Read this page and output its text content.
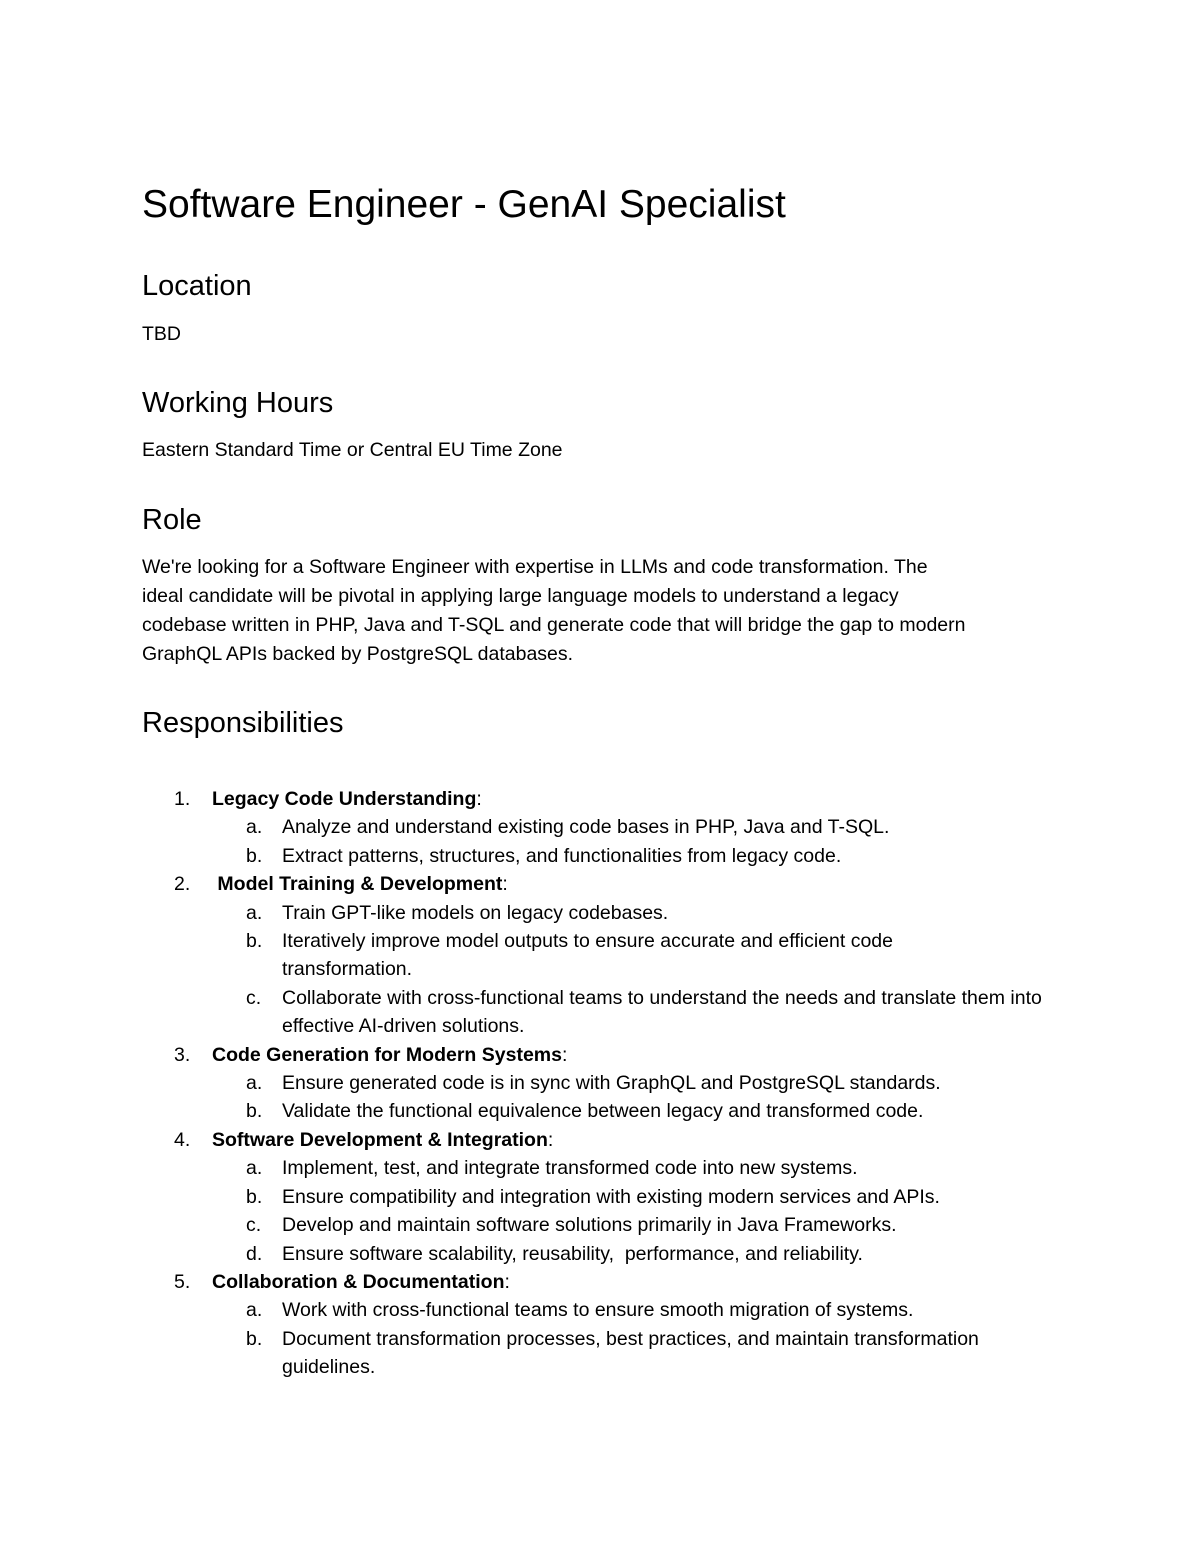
Software Engineer - GenAI Specialist
Location

TBD

Working Hours

Eastern Standard Time or Central EU Time Zone

Role
We're looking for a Software Engineer with expertise in LLMs and code transformation. The
ideal candidate will be pivotal in applying large language models to understand a legacy
codebase written in PHP, Java and T-SQL and generate code that will bridge the gap to modern
GraphQL APIs backed by PostgreSQL databases.
Responsibilities
1. Legacy Code Understanding:
a. Analyze and understand existing code bases in PHP, Java and T-SQL.
b. Extract patterns, structures, and functionalities from legacy code.
2. Model Training & Development:
a. Train GPT-like models on legacy codebases.
b. Iteratively improve model outputs to ensure accurate and efficient code transformation.
c. Collaborate with cross-functional teams to understand the needs and translate them into effective AI-driven solutions.
3. Code Generation for Modern Systems:
a. Ensure generated code is in sync with GraphQL and PostgreSQL standards.
b. Validate the functional equivalence between legacy and transformed code.
4. Software Development & Integration:
a. Implement, test, and integrate transformed code into new systems.
b. Ensure compatibility and integration with existing modern services and APIs.
c. Develop and maintain software solutions primarily in Java Frameworks.
d. Ensure software scalability, reusability,  performance, and reliability.
5. Collaboration & Documentation:
a. Work with cross-functional teams to ensure smooth migration of systems.
b. Document transformation processes, best practices, and maintain transformation guidelines.
